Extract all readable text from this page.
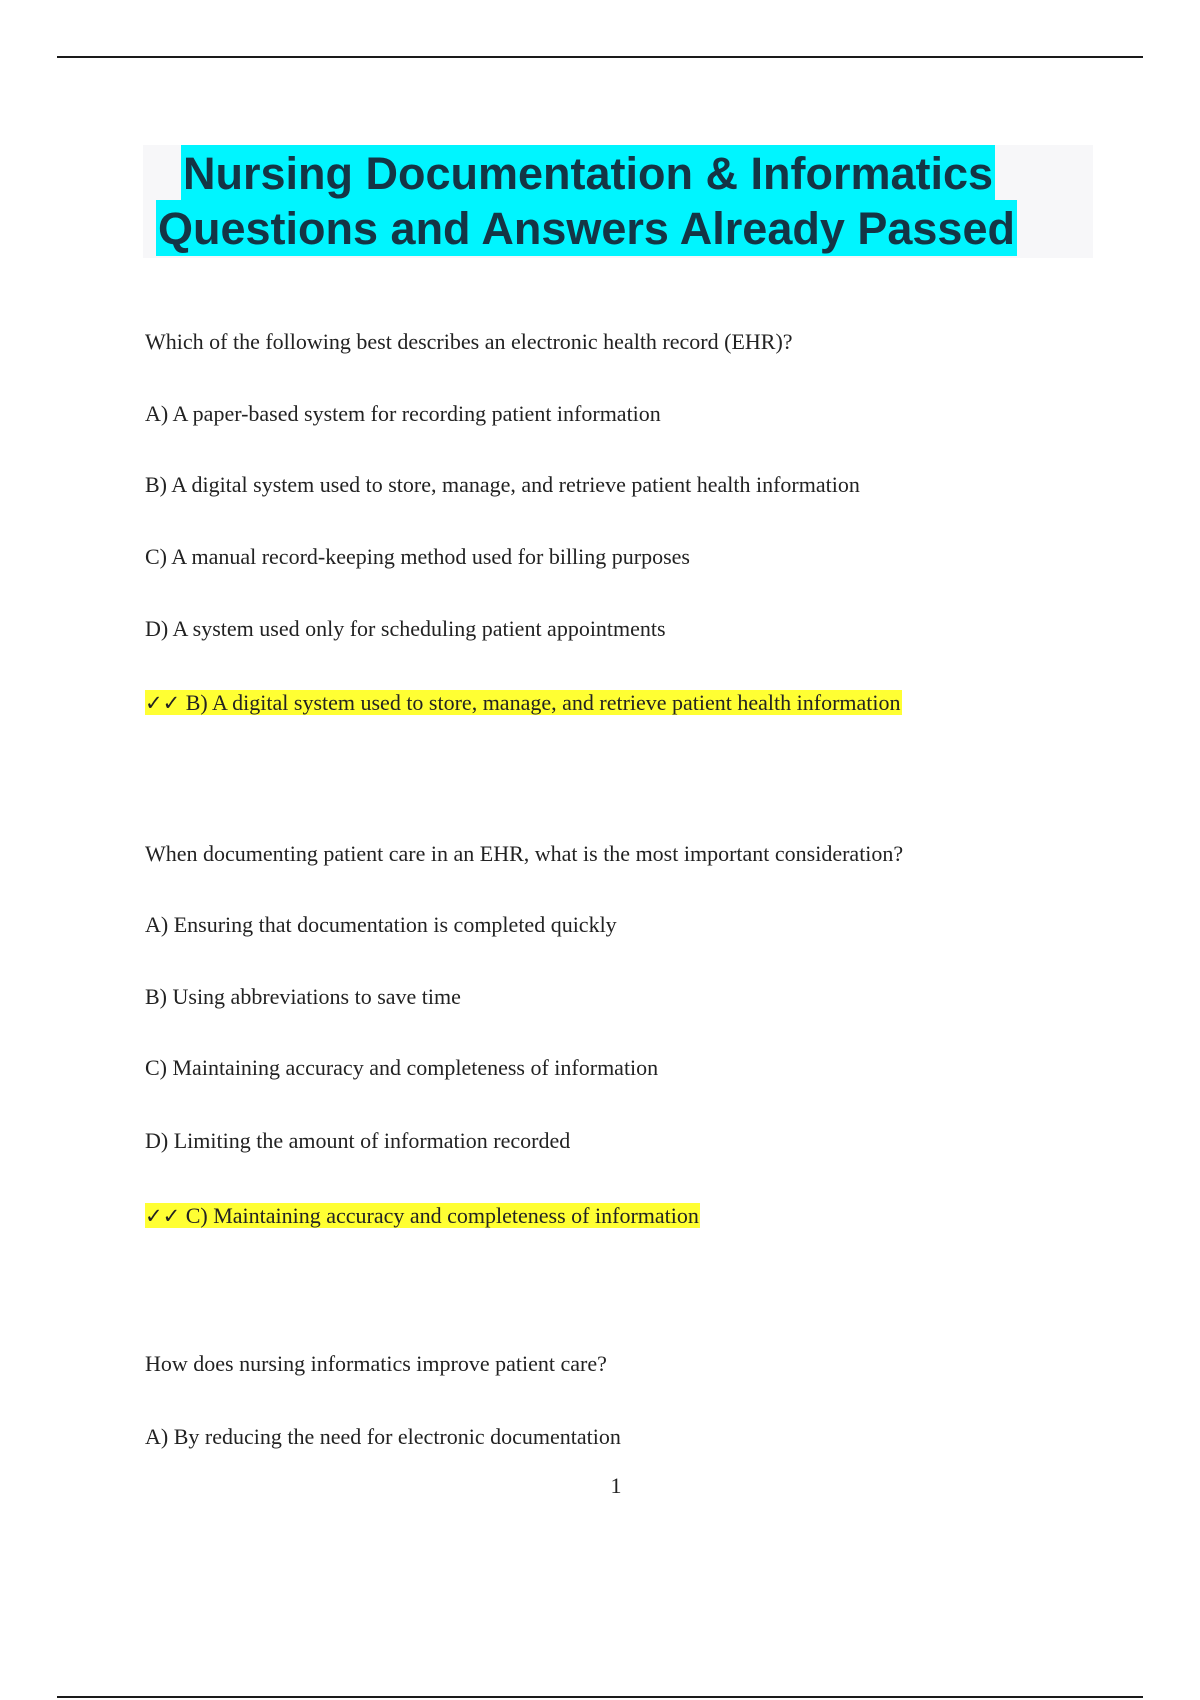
Nursing Documentation & Informatics
Questions and Answers Already Passed
Which of the following best describes an electronic health record (EHR)?
A) A paper-based system for recording patient information
B) A digital system used to store, manage, and retrieve patient health information
C) A manual record-keeping method used for billing purposes
D) A system used only for scheduling patient appointments
✓✓ B) A digital system used to store, manage, and retrieve patient health information
When documenting patient care in an EHR, what is the most important consideration?
A) Ensuring that documentation is completed quickly
B) Using abbreviations to save time
C) Maintaining accuracy and completeness of information
D) Limiting the amount of information recorded
✓✓ C) Maintaining accuracy and completeness of information
How does nursing informatics improve patient care?
A) By reducing the need for electronic documentation
1
